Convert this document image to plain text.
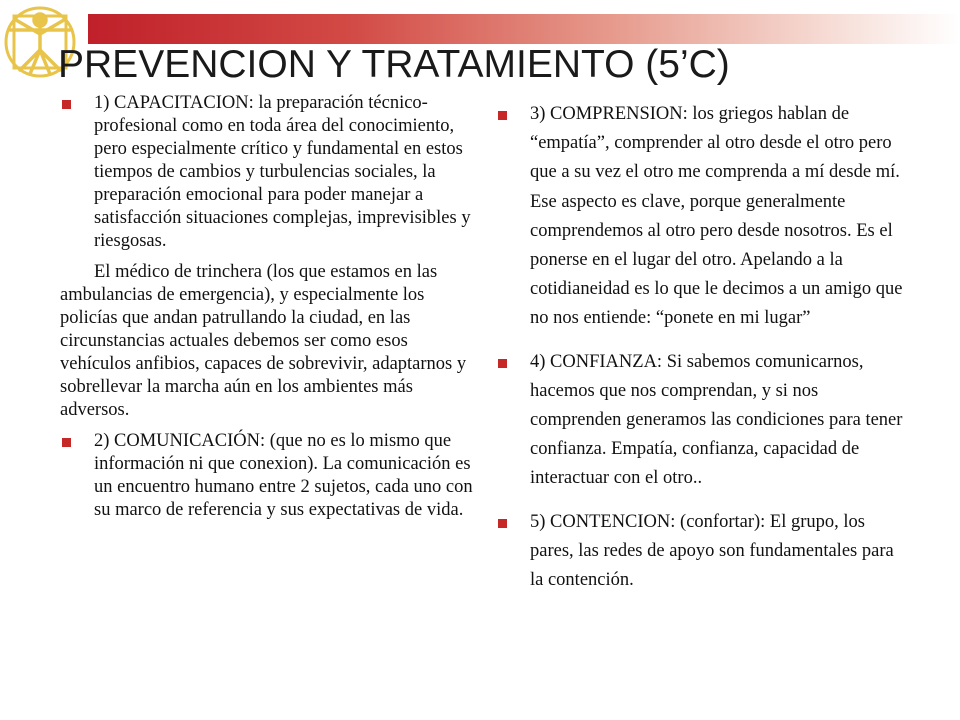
PREVENCION Y TRATAMIENTO (5’C)
1) CAPACITACION: la preparación técnico-profesional como en toda área del conocimiento, pero especialmente crítico y fundamental en estos tiempos de cambios y turbulencias sociales, la preparación emocional para poder manejar a satisfacción situaciones complejas, imprevisibles y riesgosas.
El médico de trinchera (los que estamos en las ambulancias de emergencia), y especialmente los policías que andan patrullando la ciudad, en las circunstancias actuales debemos ser como esos vehículos anfibios, capaces de sobrevivir, adaptarnos y sobrellevar la marcha aún en los ambientes más adversos.
2) COMUNICACIÓN: (que no es lo mismo que información ni que conexion). La comunicación es un encuentro humano entre 2 sujetos, cada uno con su marco de referencia y sus expectativas de vida.
3) COMPRENSION: los griegos hablan de “empatía”, comprender al otro desde el otro pero que a su vez el otro me comprenda a mí desde mí. Ese aspecto es clave, porque generalmente comprendemos al otro pero desde nosotros. Es el ponerse en el lugar del otro. Apelando a la cotidianeidad es lo que le decimos a un amigo que no nos entiende: “ponete en mi lugar”
4) CONFIANZA: Si sabemos comunicarnos, hacemos que nos comprendan, y si nos comprenden generamos las condiciones para tener confianza. Empatía, confianza, capacidad de interactuar con el otro..
5) CONTENCION: (confortar): El grupo, los pares, las redes de apoyo son fundamentales para la contención.
